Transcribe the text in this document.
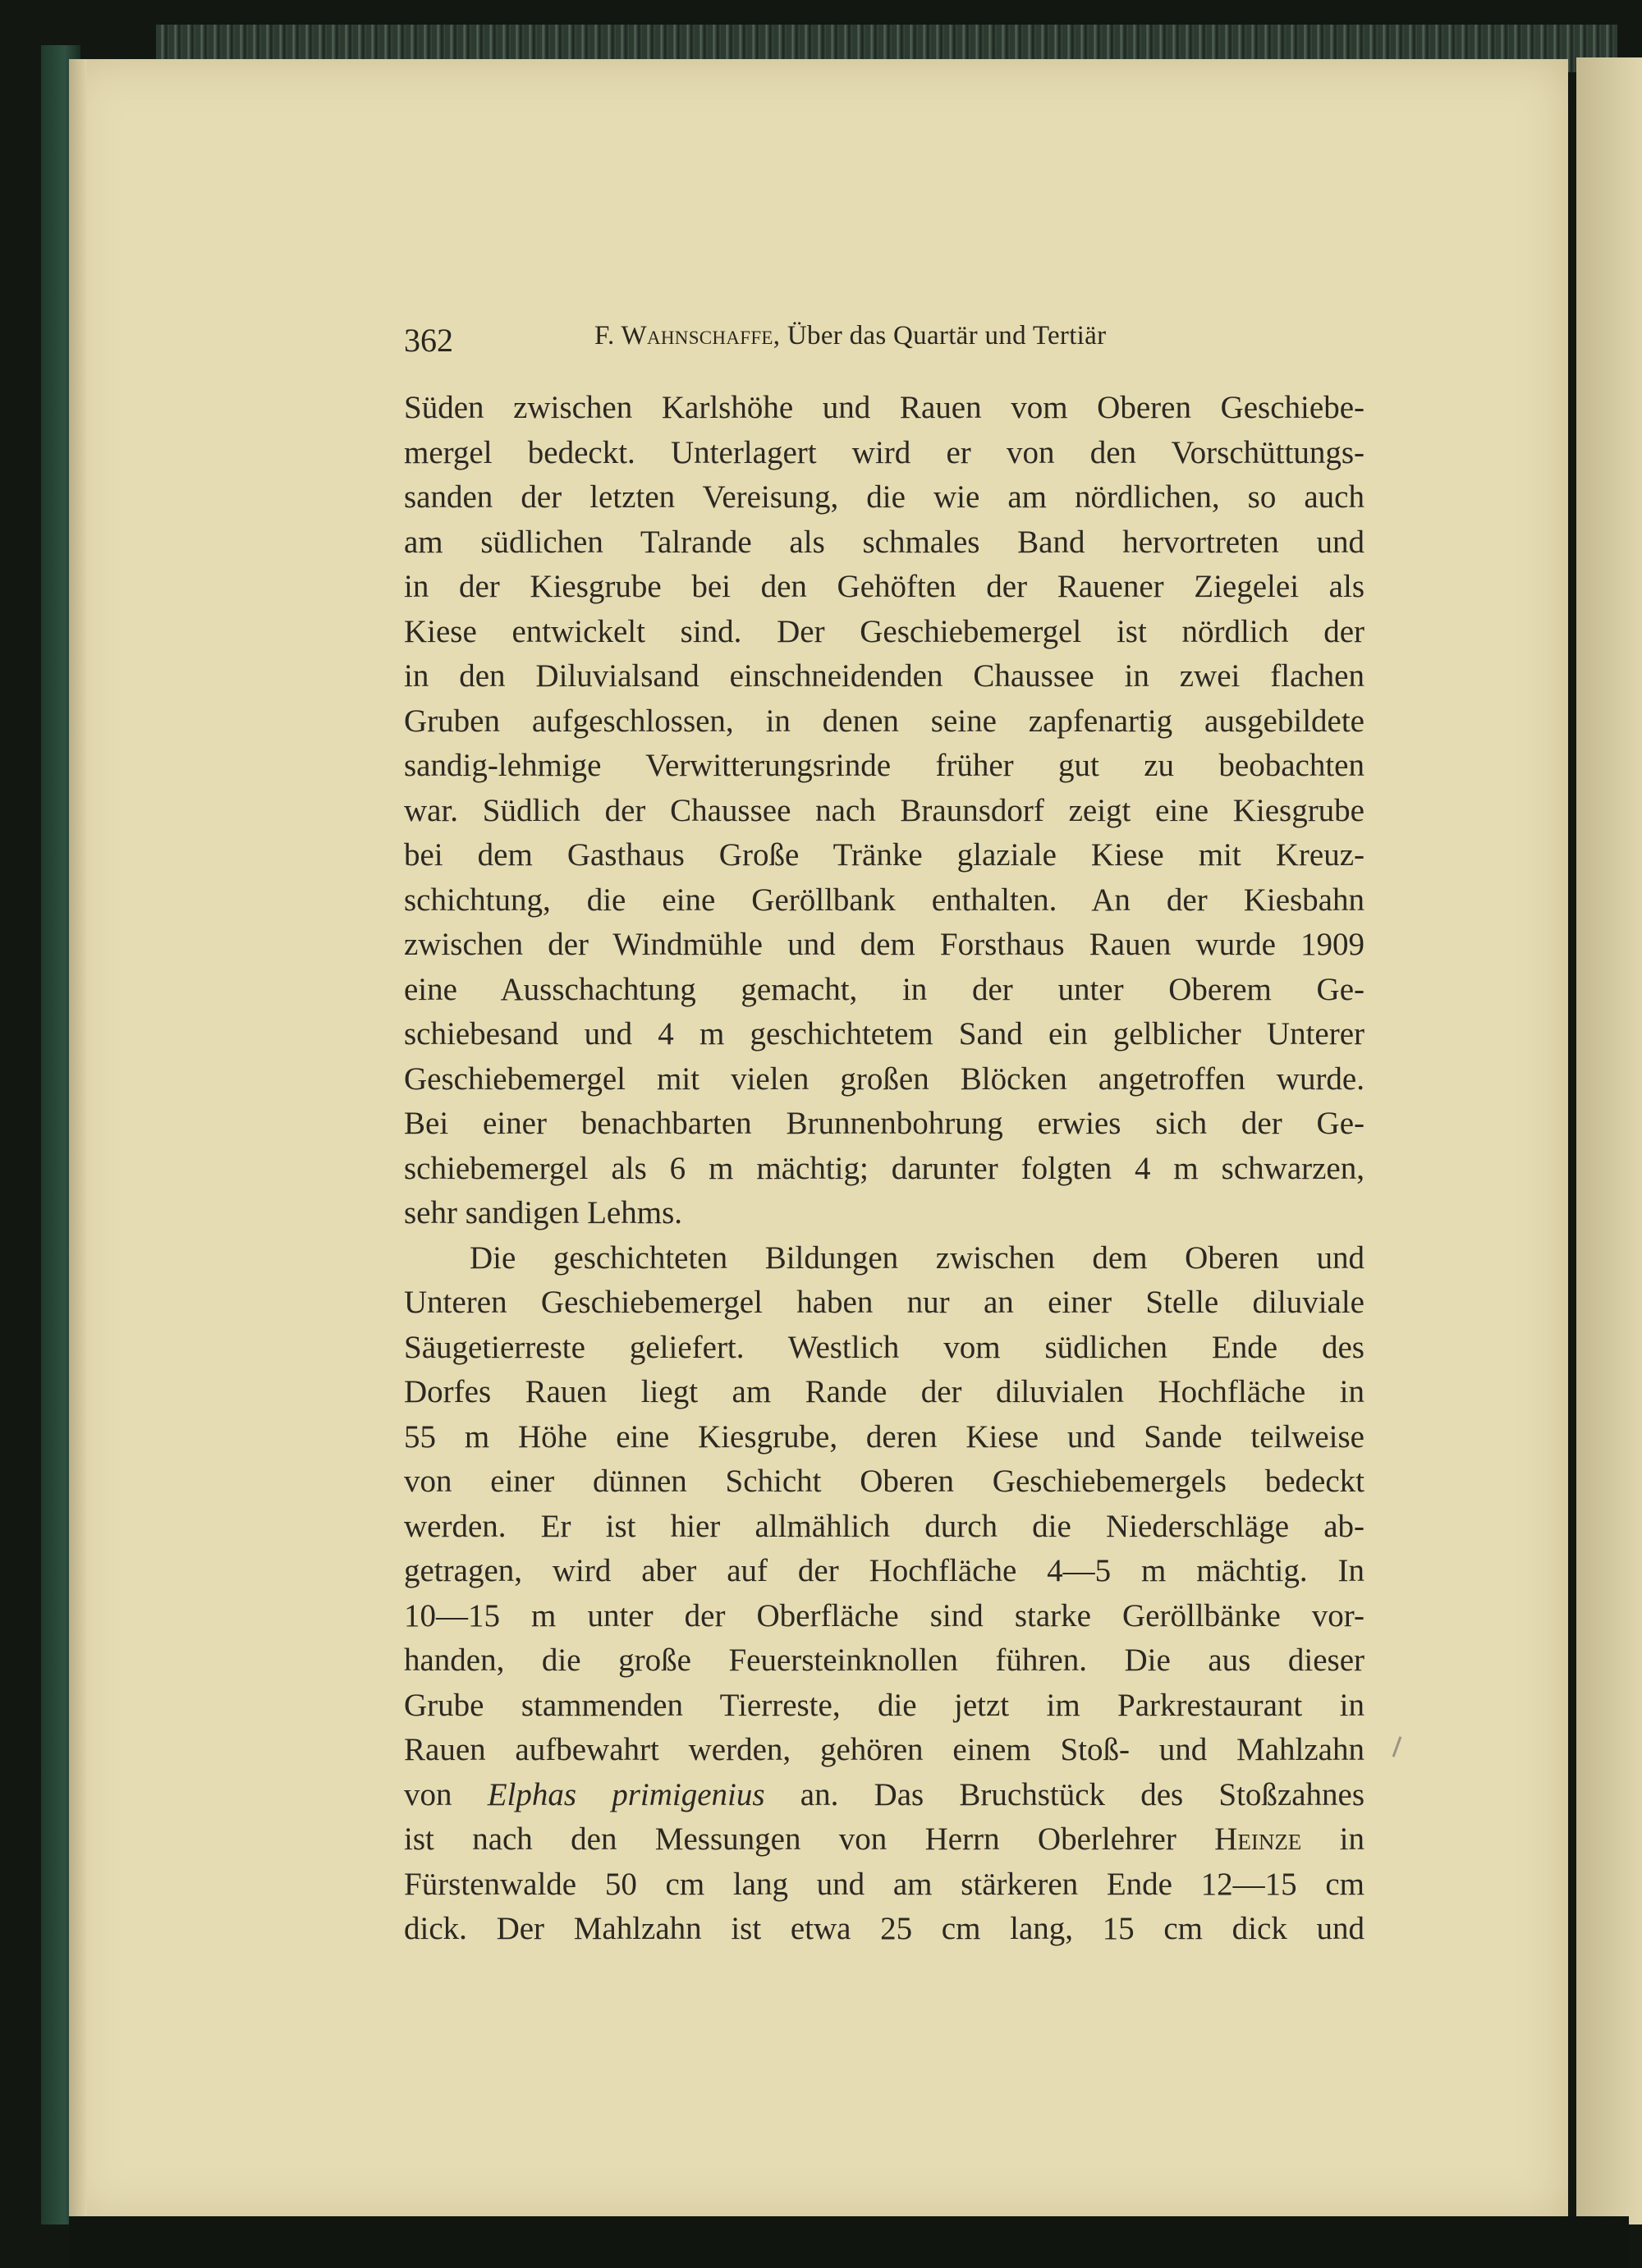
362	F. Wahnschaffe, Über das Quartär und Tertiär
Süden zwischen Karlshöhe und Rauen vom Oberen Geschiebe-
mergel bedeckt. Unterlagert wird er von den Vorschüttungs-
sanden der letzten Vereisung, die wie am nördlichen, so auch
am südlichen Talrande als schmales Band hervortreten und
in der Kiesgrube bei den Gehöften der Rauener Ziegelei als
Kiese entwickelt sind. Der Geschiebemergel ist nördlich der
in den Diluvialsand einschneidenden Chaussee in zwei flachen
Gruben aufgeschlossen, in denen seine zapfenartig ausgebildete
sandig-lehmige Verwitterungsrinde früher gut zu beobachten
war. Südlich der Chaussee nach Braunsdorf zeigt eine Kiesgrube
bei dem Gasthaus Große Tränke glaziale Kiese mit Kreuz-
schichtung, die eine Geröllbank enthalten. An der Kiesbahn
zwischen der Windmühle und dem Forsthaus Rauen wurde 1909
eine Ausschachtung gemacht, in der unter Oberem Ge-
schiebesand und 4 m geschichtetem Sand ein gelblicher Unterer
Geschiebemergel mit vielen großen Blöcken angetroffen wurde.
Bei einer benachbarten Brunnenbohrung erwies sich der Ge-
schiebemergel als 6 m mächtig; darunter folgten 4 m schwarzen,
sehr sandigen Lehms.
Die geschichteten Bildungen zwischen dem Oberen und
Unteren Geschiebemergel haben nur an einer Stelle diluviale
Säugetierreste geliefert. Westlich vom südlichen Ende des
Dorfes Rauen liegt am Rande der diluvialen Hochfläche in
55 m Höhe eine Kiesgrube, deren Kiese und Sande teilweise
von einer dünnen Schicht Oberen Geschiebemergels bedeckt
werden. Er ist hier allmählich durch die Niederschläge ab-
getragen, wird aber auf der Hochfläche 4—5 m mächtig. In
10—15 m unter der Oberfläche sind starke Geröllbänke vor-
handen, die große Feuersteinknollen führen. Die aus dieser
Grube stammenden Tierreste, die jetzt im Parkrestaurant in
Rauen aufbewahrt werden, gehören einem Stoß- und Mahlzahn
von Elphas primigenius an. Das Bruchstück des Stoßzahnes
ist nach den Messungen von Herrn Oberlehrer Heinze in
Fürstenwalde 50 cm lang und am stärkeren Ende 12—15 cm
dick. Der Mahlzahn ist etwa 25 cm lang, 15 cm dick und
